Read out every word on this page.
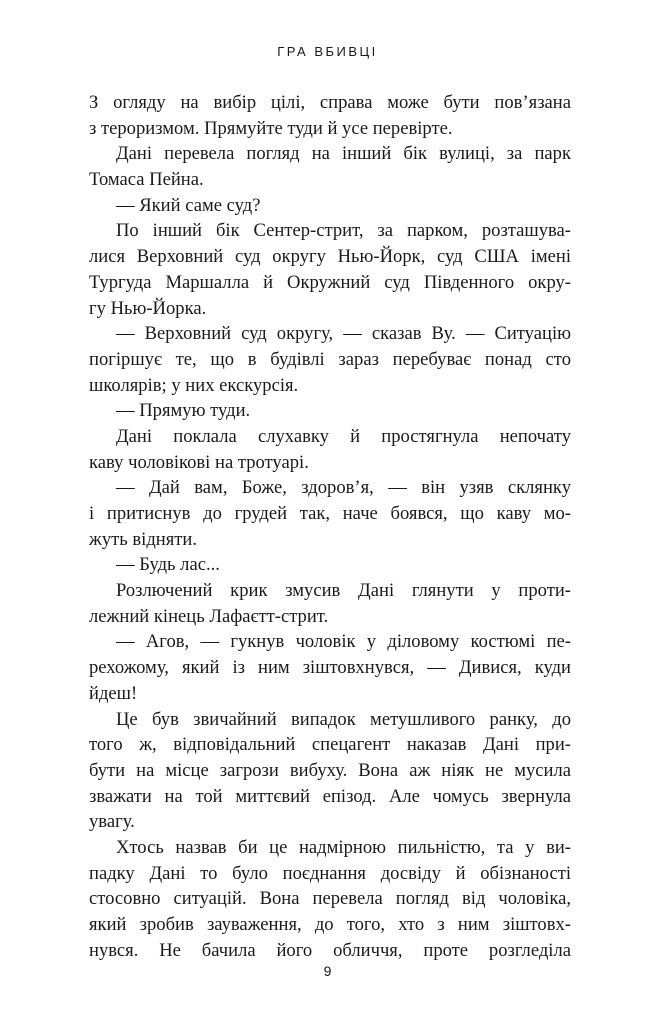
ГРА ВБИВЦІ
З огляду на вибір цілі, справа може бути пов’язана
з тероризмом. Прямуйте туди й усе перевірте.
Дані перевела погляд на інший бік вулиці, за парк
Томаса Пейна.
— Який саме суд?
По інший бік Сентер-стрит, за парком, розташува-
лися Верховний суд округу Нью-Йорк, суд США імені
Тургуда Маршалла й Окружний суд Південного окру-
гу Нью-Йорка.
— Верховний суд округу, — сказав Ву. — Ситуацію
погіршує те, що в будівлі зараз перебуває понад сто
школярів; у них екскурсія.
— Прямую туди.
Дані поклала слухавку й простягнула непочату
каву чоловікові на тротуарі.
— Дай вам, Боже, здоров’я, — він узяв склянку
і притиснув до грудей так, наче боявся, що каву мо-
жуть відняти.
— Будь лас...
Розлючений крик змусив Дані глянути у проти-
лежний кінець Лафаєтт-стрит.
— Агов, — гукнув чоловік у діловому костюмі пе-
рехожому, який із ним зіштовхнувся, — Дивися, куди
йдеш!
Це був звичайний випадок метушливого ранку, до
того ж, відповідальний спецагент наказав Дані при-
бути на місце загрози вибуху. Вона аж ніяк не мусила
зважати на той миттєвий епізод. Але чомусь звернула
увагу.
Хтось назвав би це надмірною пильністю, та у ви-
падку Дані то було поєднання досвіду й обізнаності
стосовно ситуацій. Вона перевела погляд від чоловіка,
який зробив зауваження, до того, хто з ним зіштовх-
нувся. Не бачила його обличчя, проте розгледіла
9
